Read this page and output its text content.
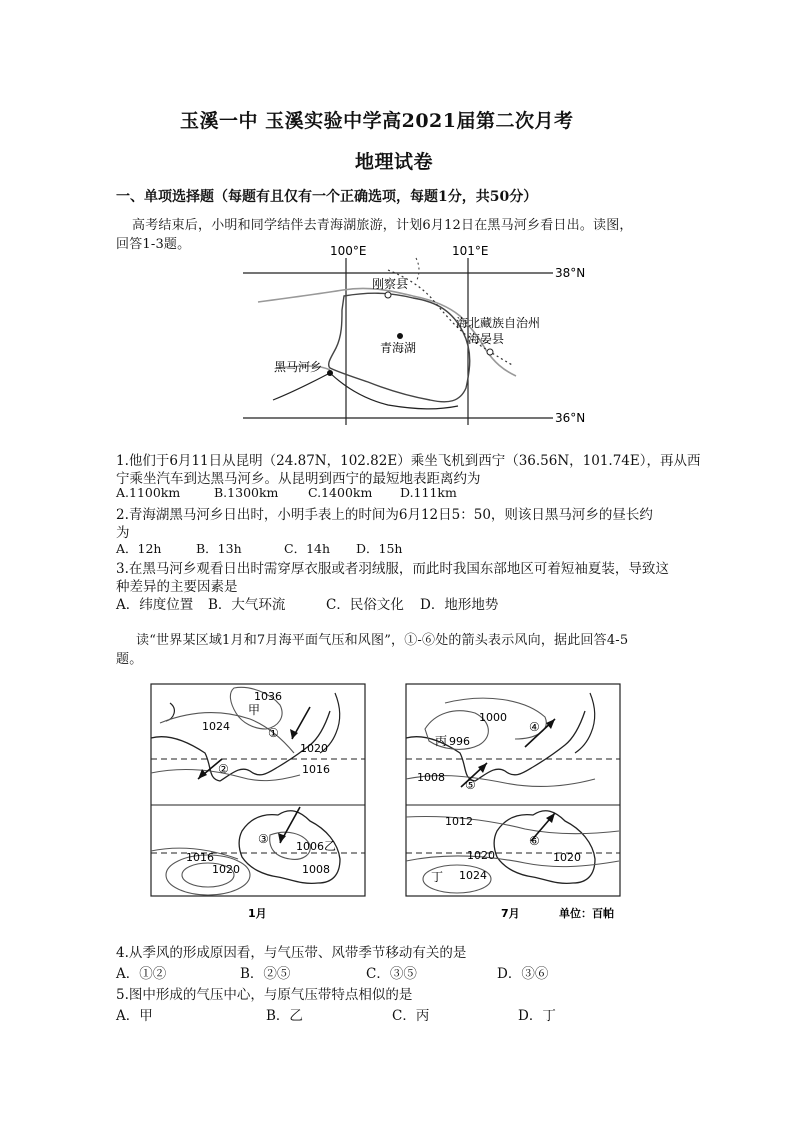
玉溪一中 玉溪实验中学高2021届第二次月考
地理试卷
一、单项选择题（每题有且仅有一个正确选项，每题1分，共50分）
高考结束后，小明和同学结伴去青海湖旅游，计划6月12日在黑马河乡看日出。读图，
回答1-3题。	100°E	101°E
38°N
36°N
刚察县
青海湖
海北藏族自治州
海晏县
黑马河乡
1.他们于6月11日从昆明（24.87N，102.82E）乘坐飞机到西宁（36.56N，101.74E），再从西
宁乘坐汽车到达黑马河乡。从昆明到西宁的最短地表距离约为
A.1100km	B.1300km C.1400km D.111km
2.青海湖黑马河乡日出时，小明手表上的时间为6月12日5：50，则该日黑马河乡的昼长约
为
A．12h	B．13h	C．14h D．15h
3.在黑马河乡观看日出时需穿厚衣服或者羽绒服，而此时我国东部地区可着短袖夏装，导致这
种差异的主要因素是
A．纬度位置 B．大气环流	C．民俗文化 D．地形地势
读“世界某区域1月和7月海平面气压和风图”，①-⑥处的箭头表示风向，据此回答4-5
题。
1036
甲
1024
1020
1016
1006 乙
1008
1016
1020
①
②
③
1月
1000
丙 996
1008
1012
1020
丁 1024
1020
④
⑤
⑥
7月	单位：百帕
4.从季风的形成原因看，与气压带、风带季节移动有关的是
A．①②	B．②⑤	C．③⑤	D．③⑥
5.图中形成的气压中心，与原气压带特点相似的是
A．甲	B．乙	C．丙	D．丁
